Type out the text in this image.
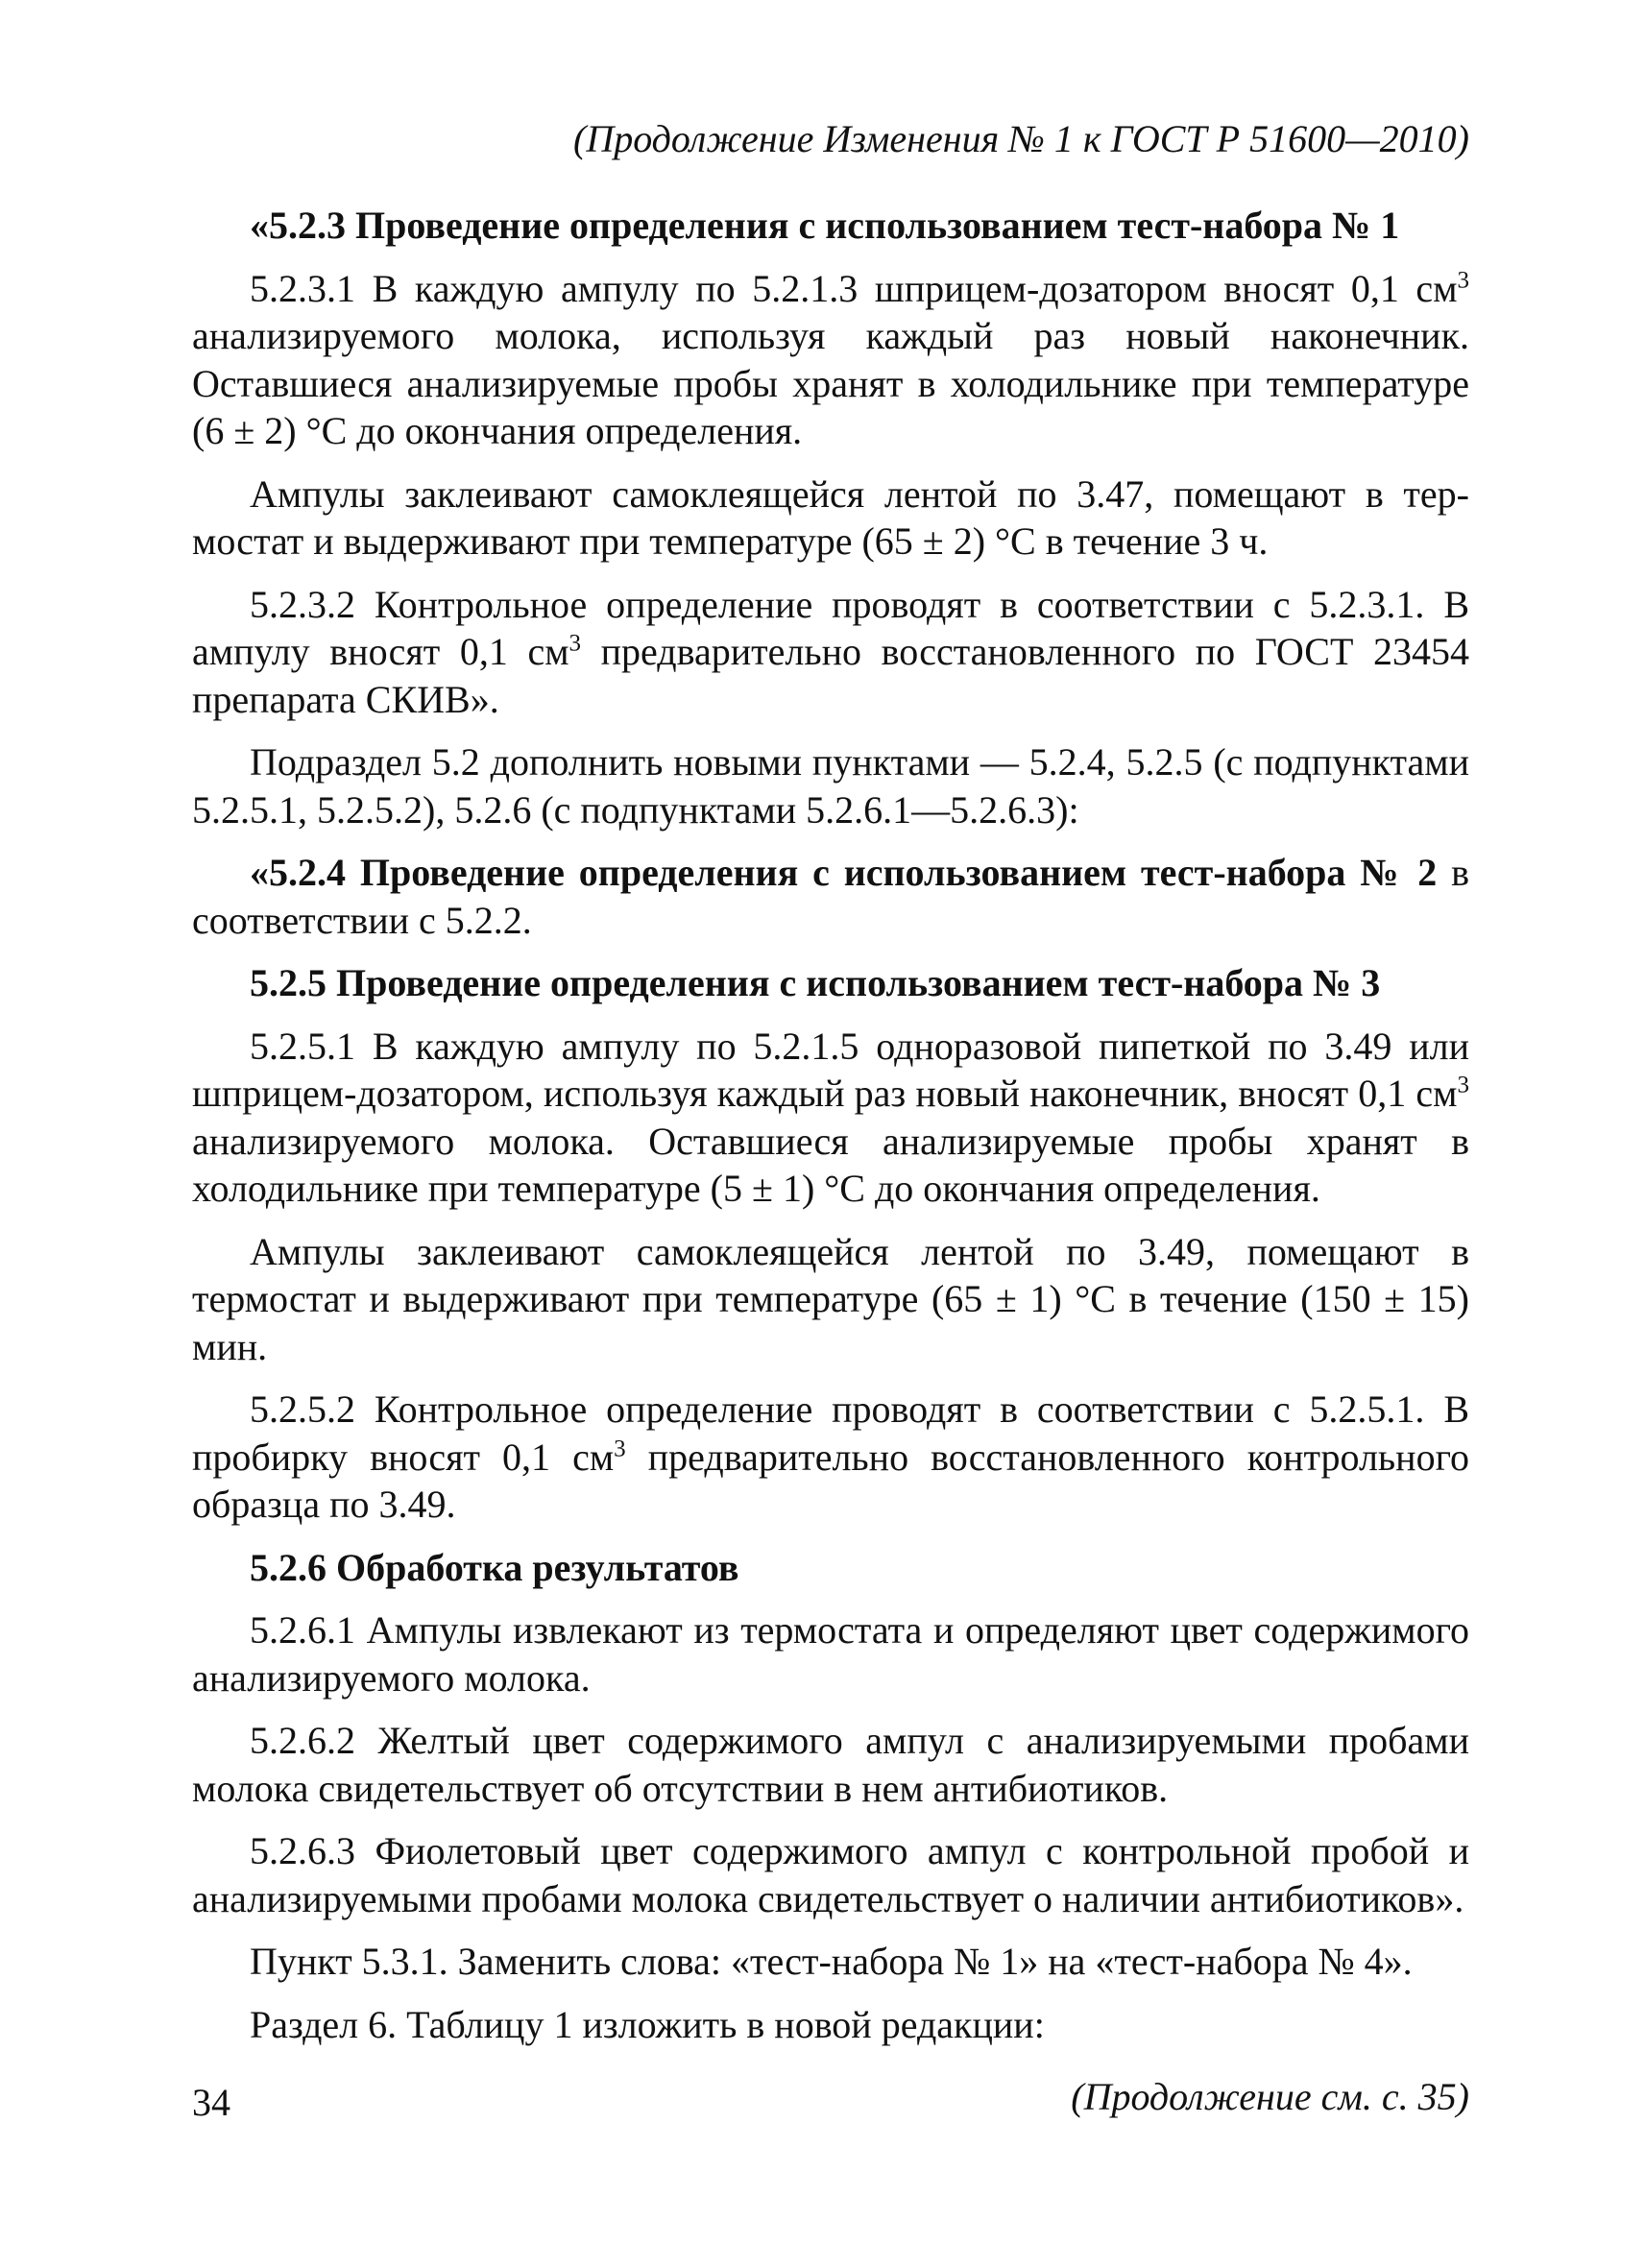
(Продолжение Изменения № 1 к ГОСТ Р 51600—2010)
«5.2.3 Проведение определения с использованием тест-набора № 1
5.2.3.1 В каждую ампулу по 5.2.1.3 шприцем-дозатором вносят 0,1 $см^3$ анализируемого молока, используя каждый раз новый наконечник. Оставшиеся анализируемые пробы хранят в холодильнике при температуре (6 ± 2) °С до окончания определения.
Ампулы заклеивают самоклеящейся лентой по 3.47, помещают в термостат и выдерживают при температуре (65 ± 2) °С в течение 3 ч.
5.2.3.2 Контрольное определение проводят в соответствии с 5.2.3.1. В ампулу вносят 0,1 $см^3$ предварительно восстановленного по ГОСТ 23454 препарата СКИВ».
Подраздел 5.2 дополнить новыми пунктами — 5.2.4, 5.2.5 (с подпунктами 5.2.5.1, 5.2.5.2), 5.2.6 (с подпунктами 5.2.6.1—5.2.6.3):
«5.2.4 Проведение определения с использованием тест-набора № 2 в соответствии с 5.2.2.
5.2.5 Проведение определения с использованием тест-набора № 3
5.2.5.1 В каждую ампулу по 5.2.1.5 одноразовой пипеткой по 3.49 или шприцем-дозатором, используя каждый раз новый наконечник, вносят 0,1 $см^3$ анализируемого молока. Оставшиеся анализируемые пробы хранят в холодильнике при температуре (5 ± 1) °С до окончания определения.
Ампулы заклеивают самоклеящейся лентой по 3.49, помещают в термостат и выдерживают при температуре (65 ± 1) °С в течение (150 ± 15) мин.
5.2.5.2 Контрольное определение проводят в соответствии с 5.2.5.1. В пробирку вносят 0,1 $см^3$ предварительно восстановленного контрольного образца по 3.49.
5.2.6 Обработка результатов
5.2.6.1 Ампулы извлекают из термостата и определяют цвет содержимого анализируемого молока.
5.2.6.2 Желтый цвет содержимого ампул с анализируемыми пробами молока свидетельствует об отсутствии в нем антибиотиков.
5.2.6.3 Фиолетовый цвет содержимого ампул с контрольной пробой и анализируемыми пробами молока свидетельствует о наличии антибиотиков».
Пункт 5.3.1. Заменить слова: «тест-набора № 1» на «тест-набора № 4».
Раздел 6. Таблицу 1 изложить в новой редакции:
(Продолжение см. с. 35)
34
